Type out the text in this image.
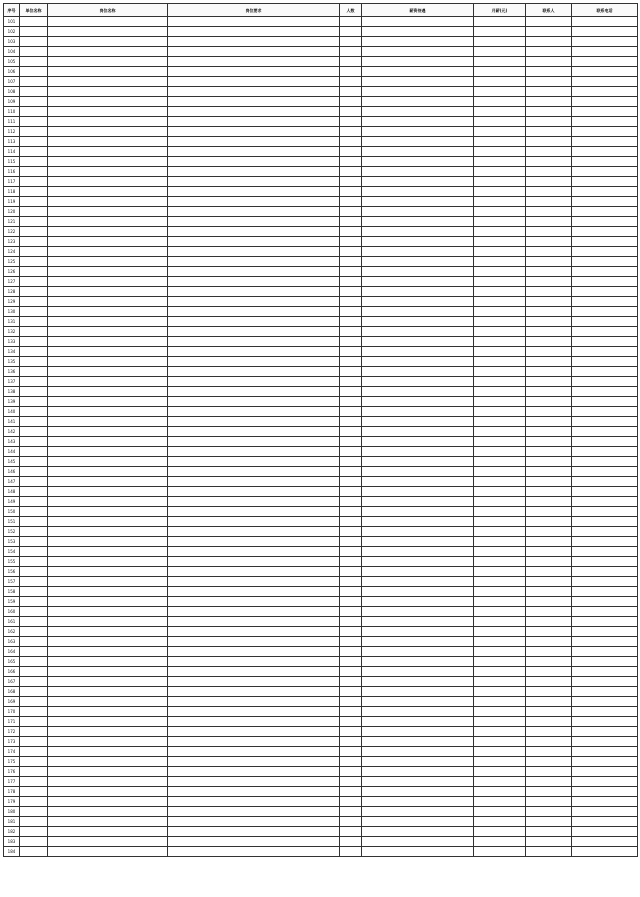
序号	单位名称	岗位名称	岗位要求	人数	薪资待遇	月薪(元)	联系人	联系电话
101								
102								
103								
104								
105								
106								
107								
108								
109								
110								
111								
112								
113								
114								
115								
116								
117								
118								
119								
120								
121								
122								
123								
124								
125								
126								
127								
128								
129								
130								
131								
132								
133								
134								
135								
136								
137								
138								
139								
140								
141								
142								
143								
144								
145								
146								
147								
148								
149								
150								
151								
152								
153								
154								
155								
156								
157								
158								
159								
160								
161								
162								
163								
164								
165								
166								
167								
168								
169								
170								
171								
172								
173								
174								
175								
176								
177								
178								
179								
180								
181								
182								
183								
184								
